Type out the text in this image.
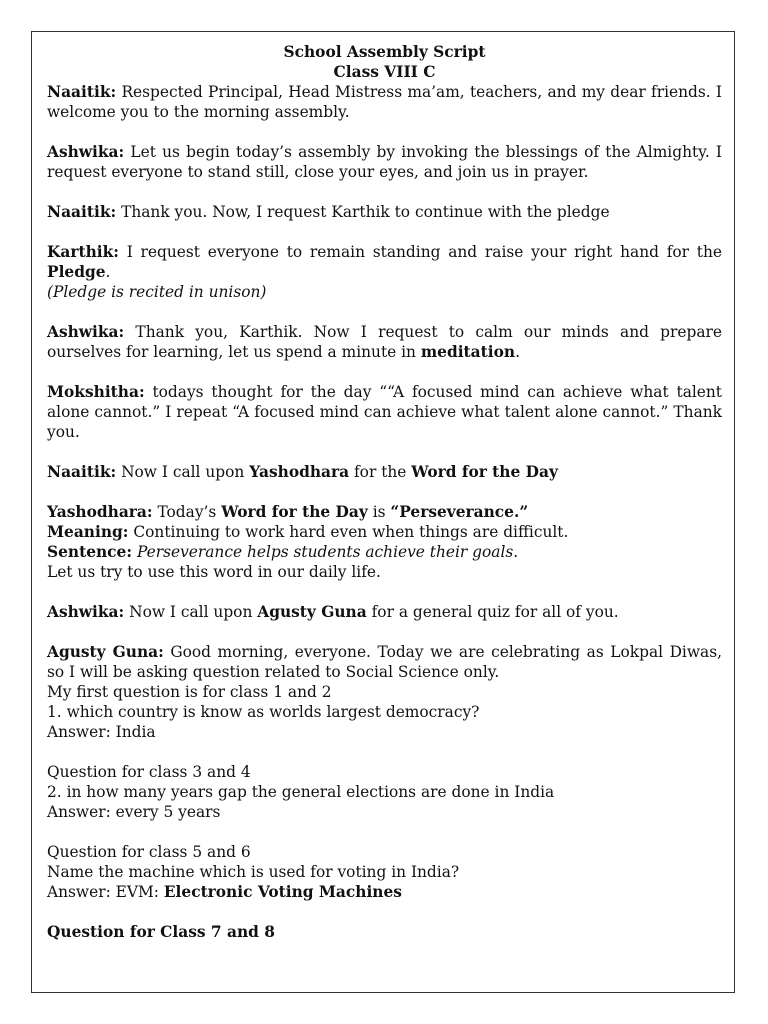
School Assembly Script
Class VIII C

Naaitik: Respected Principal, Head Mistress ma’am, teachers, and my dear friends. I welcome you to the morning assembly.

Ashwika: Let us begin today’s assembly by invoking the blessings of the Almighty. I request everyone to stand still, close your eyes, and join us in prayer.

Naaitik: Thank you. Now, I request Karthik to continue with the pledge

Karthik: I request everyone to remain standing and raise your right hand for the Pledge.
(Pledge is recited in unison)

Ashwika: Thank you, Karthik. Now I request to calm our minds and prepare ourselves for learning, let us spend a minute in meditation.

Mokshitha: todays thought for the day ““A focused mind can achieve what talent alone cannot.” I repeat “A focused mind can achieve what talent alone cannot.” Thank you.

Naaitik: Now I call upon Yashodhara for the Word for the Day

Yashodhara: Today’s Word for the Day is “Perseverance.”
Meaning: Continuing to work hard even when things are difficult.
Sentence: Perseverance helps students achieve their goals.
Let us try to use this word in our daily life.

Ashwika: Now I call upon Agusty Guna for a general quiz for all of you.

Agusty Guna: Good morning, everyone. Today we are celebrating as Lokpal Diwas, so I will be asking question related to Social Science only.
My first question is for class 1 and 2
1. which country is know as worlds largest democracy?
Answer: India

Question for class 3 and 4
2. in how many years gap the general elections are done in India
Answer: every 5 years

Question for class 5 and 6
Name the machine which is used for voting in India?
Answer: EVM: Electronic Voting Machines

Question for Class 7 and 8
